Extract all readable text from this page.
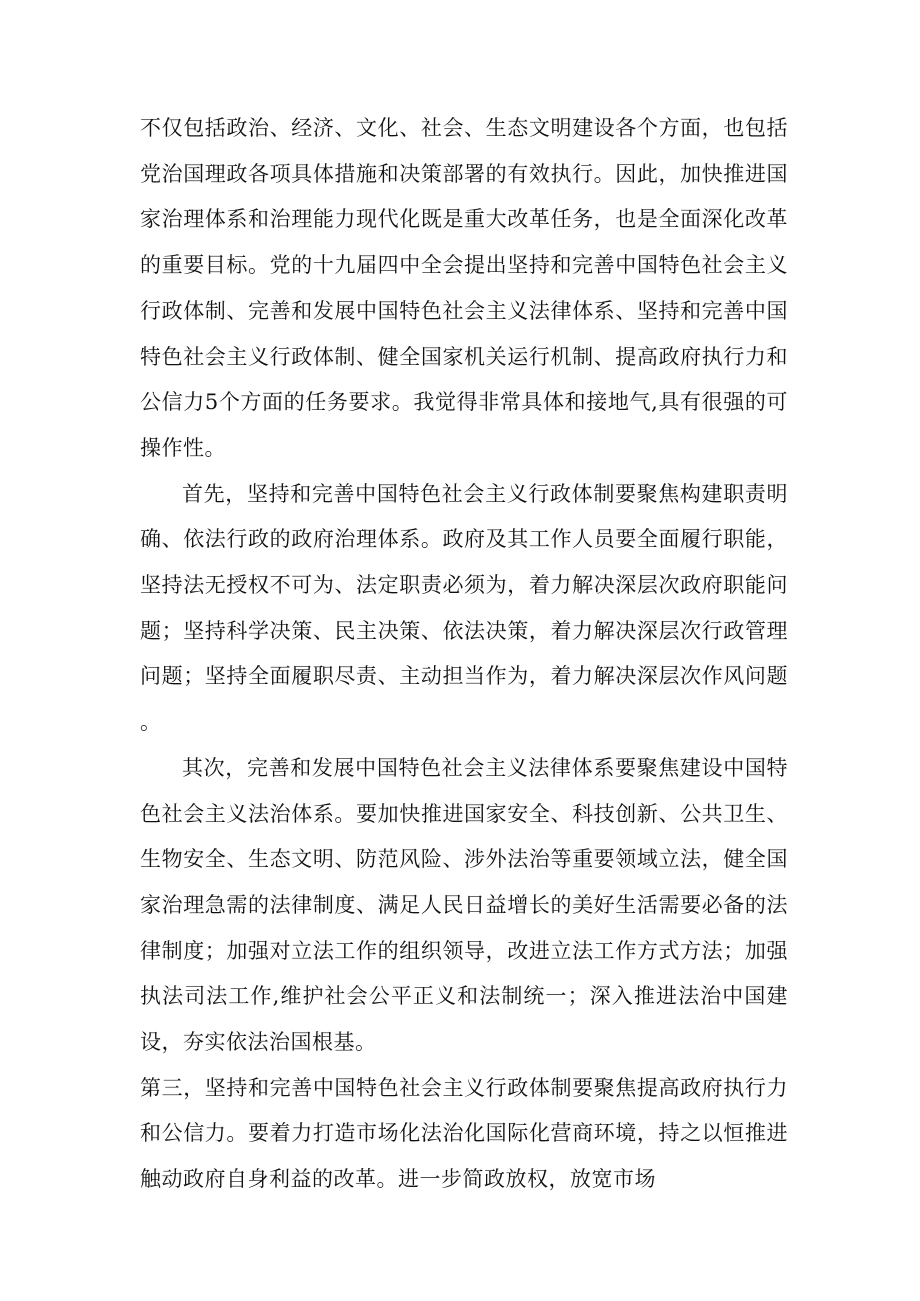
不仅包括政治、经济、文化、社会、生态文明建设各个方面，也包括党治国理政各项具体措施和决策部署的有效执行。因此，加快推进国家治理体系和治理能力现代化既是重大改革任务，也是全面深化改革的重要目标。党的十九届四中全会提出坚持和完善中国特色社会主义行政体制、完善和发展中国特色社会主义法律体系、坚持和完善中国特色社会主义行政体制、健全国家机关运行机制、提高政府执行力和公信力5个方面的任务要求。我觉得非常具体和接地气,具有很强的可操作性。

首先，坚持和完善中国特色社会主义行政体制要聚焦构建职责明确、依法行政的政府治理体系。政府及其工作人员要全面履行职能，坚持法无授权不可为、法定职责必须为，着力解决深层次政府职能问题；坚持科学决策、民主决策、依法决策，着力解决深层次行政管理问题；坚持全面履职尽责、主动担当作为，着力解决深层次作风问题。

其次，完善和发展中国特色社会主义法律体系要聚焦建设中国特色社会主义法治体系。要加快推进国家安全、科技创新、公共卫生、生物安全、生态文明、防范风险、涉外法治等重要领域立法，健全国家治理急需的法律制度、满足人民日益增长的美好生活需要必备的法律制度；加强对立法工作的组织领导，改进立法工作方式方法；加强执法司法工作,维护社会公平正义和法制统一；深入推进法治中国建设，夯实依法治国根基。

第三，坚持和完善中国特色社会主义行政体制要聚焦提高政府执行力和公信力。要着力打造市场化法治化国际化营商环境，持之以恒推进触动政府自身利益的改革。进一步简政放权，放宽市场
